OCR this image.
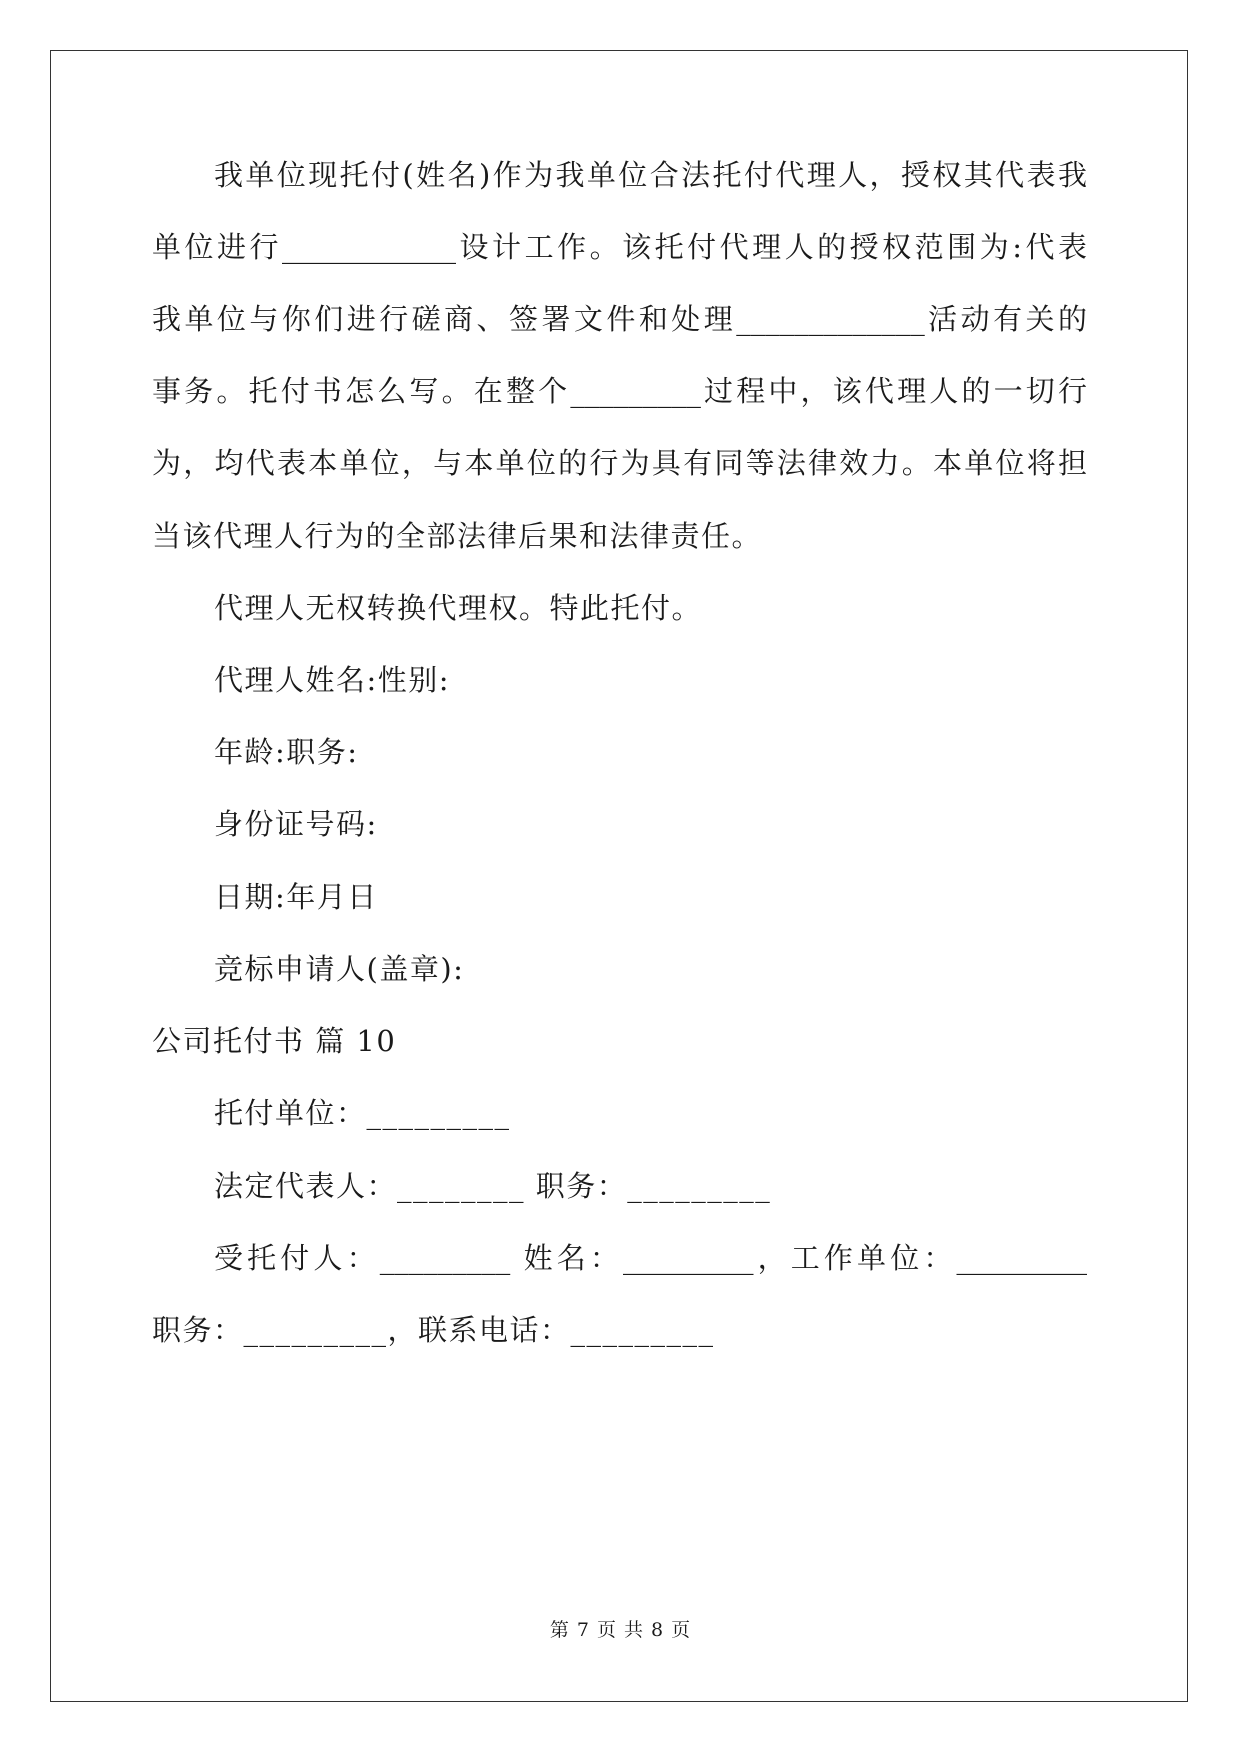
我单位现托付(姓名)作为我单位合法托付代理人，授权其代表我
单位进行____________设计工作。该托付代理人的授权范围为:代表
我单位与你们进行磋商、签署文件和处理_____________活动有关的
事务。托付书怎么写。在整个_________过程中，该代理人的一切行
为，均代表本单位，与本单位的行为具有同等法律效力。本单位将担
当该代理人行为的全部法律后果和法律责任。
代理人无权转换代理权。特此托付。
代理人姓名:性别:
年龄:职务:
身份证号码:
日期:年月日
竞标申请人(盖章):
公司托付书 篇 10
托付单位：_________
法定代表人：________ 职务：_________
受托付人：_________ 姓名：_________，工作单位：_________
职务：_________，联系电话：_________
第 7 页 共 8 页
